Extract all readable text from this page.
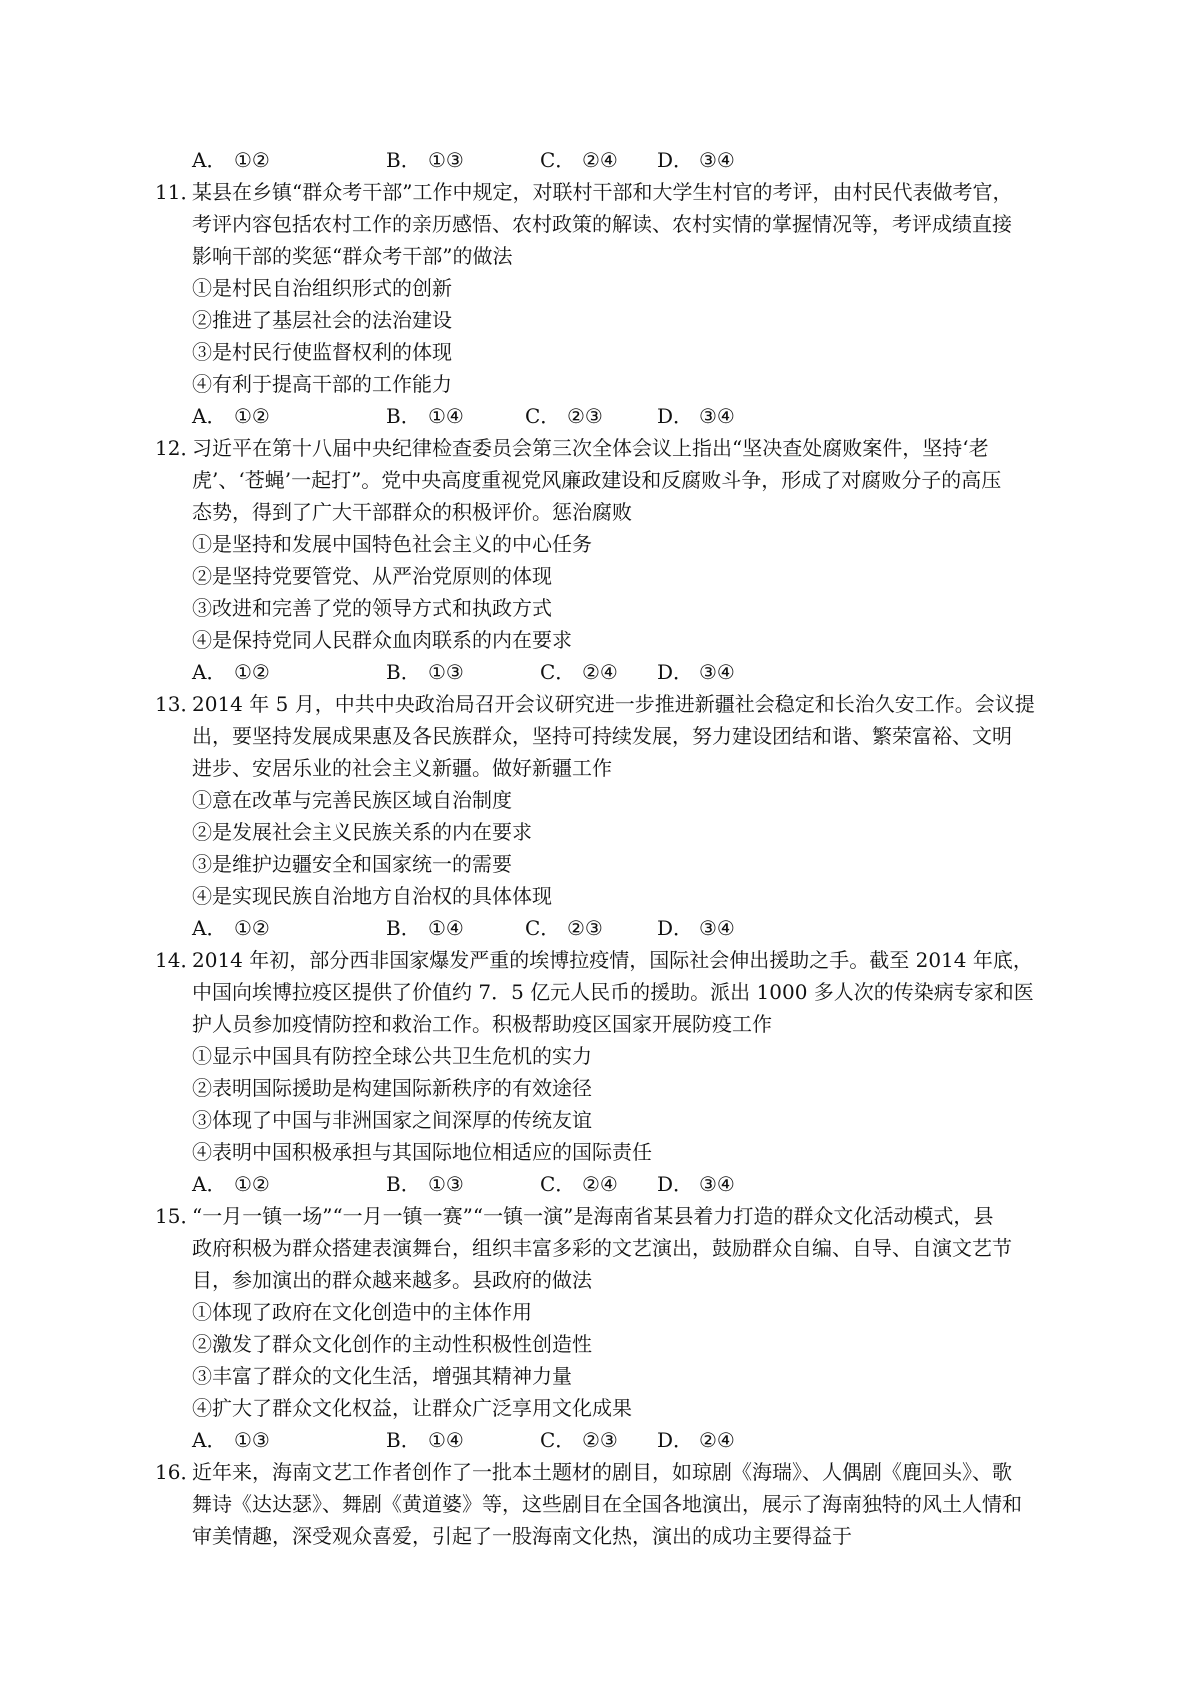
A． ①②	B． ①③	C． ②④ D． ③④
11．
某县在乡镇“群众考干部”工作中规定，对联村干部和大学生村官的考评，由村民代表做考官，
考评内容包括农村工作的亲历感悟、农村政策的解读、农村实情的掌握情况等，考评成绩直接
影响干部的奖惩“群众考干部”的做法
①是村民自治组织形式的创新
②推进了基层社会的法治建设
③是村民行使监督权利的体现
④有利于提高干部的工作能力
A． ①②	B． ①④	C． ②③	D． ③④
12．
习近平在第十八届中央纪律检查委员会第三次全体会议上指出“坚决查处腐败案件，坚持‘老
虎’、‘苍蝇’一起打”。党中央高度重视党风廉政建设和反腐败斗争，形成了对腐败分子的高压
态势，得到了广大干部群众的积极评价。惩治腐败
①是坚持和发展中国特色社会主义的中心任务
②是坚持党要管党、从严治党原则的体现
③改进和完善了党的领导方式和执政方式
④是保持党同人民群众血肉联系的内在要求
A． ①②	B． ①③	C． ②④ D． ③④
13．
2014 年 5 月，中共中央政治局召开会议研究进一步推进新疆社会稳定和长治久安工作。会议提
出，要坚持发展成果惠及各民族群众，坚持可持续发展，努力建设团结和谐、繁荣富裕、文明
进步、安居乐业的社会主义新疆。做好新疆工作
①意在改革与完善民族区域自治制度
②是发展社会主义民族关系的内在要求
③是维护边疆安全和国家统一的需要
④是实现民族自治地方自治权的具体体现
A． ①②	B． ①④	C． ②③	D． ③④
14．
2014 年初，部分西非国家爆发严重的埃博拉疫情，国际社会伸出援助之手。截至 2014 年底，
中国向埃博拉疫区提供了价值约 7．5 亿元人民币的援助。派出 1000 多人次的传染病专家和医
护人员参加疫情防控和救治工作。积极帮助疫区国家开展防疫工作
①显示中国具有防控全球公共卫生危机的实力
②表明国际援助是构建国际新秩序的有效途径
③体现了中国与非洲国家之间深厚的传统友谊
④表明中国积极承担与其国际地位相适应的国际责任
A． ①②	B． ①③	C． ②④ D． ③④
15．
“一月一镇一场”“一月一镇一赛”“一镇一演”是海南省某县着力打造的群众文化活动模式，县
政府积极为群众搭建表演舞台，组织丰富多彩的文艺演出，鼓励群众自编、自导、自演文艺节
目，参加演出的群众越来越多。县政府的做法
①体现了政府在文化创造中的主体作用
②激发了群众文化创作的主动性积极性创造性
③丰富了群众的文化生活，增强其精神力量
④扩大了群众文化权益，让群众广泛享用文化成果
A． ①③	B． ①④	C． ②③ D． ②④
16．
近年来，海南文艺工作者创作了一批本土题材的剧目，如琼剧《海瑞》、人偶剧《鹿回头》、歌
舞诗《达达瑟》、舞剧《黄道婆》等，这些剧目在全国各地演出，展示了海南独特的风土人情和
审美情趣，深受观众喜爱，引起了一股海南文化热，演出的成功主要得益于
